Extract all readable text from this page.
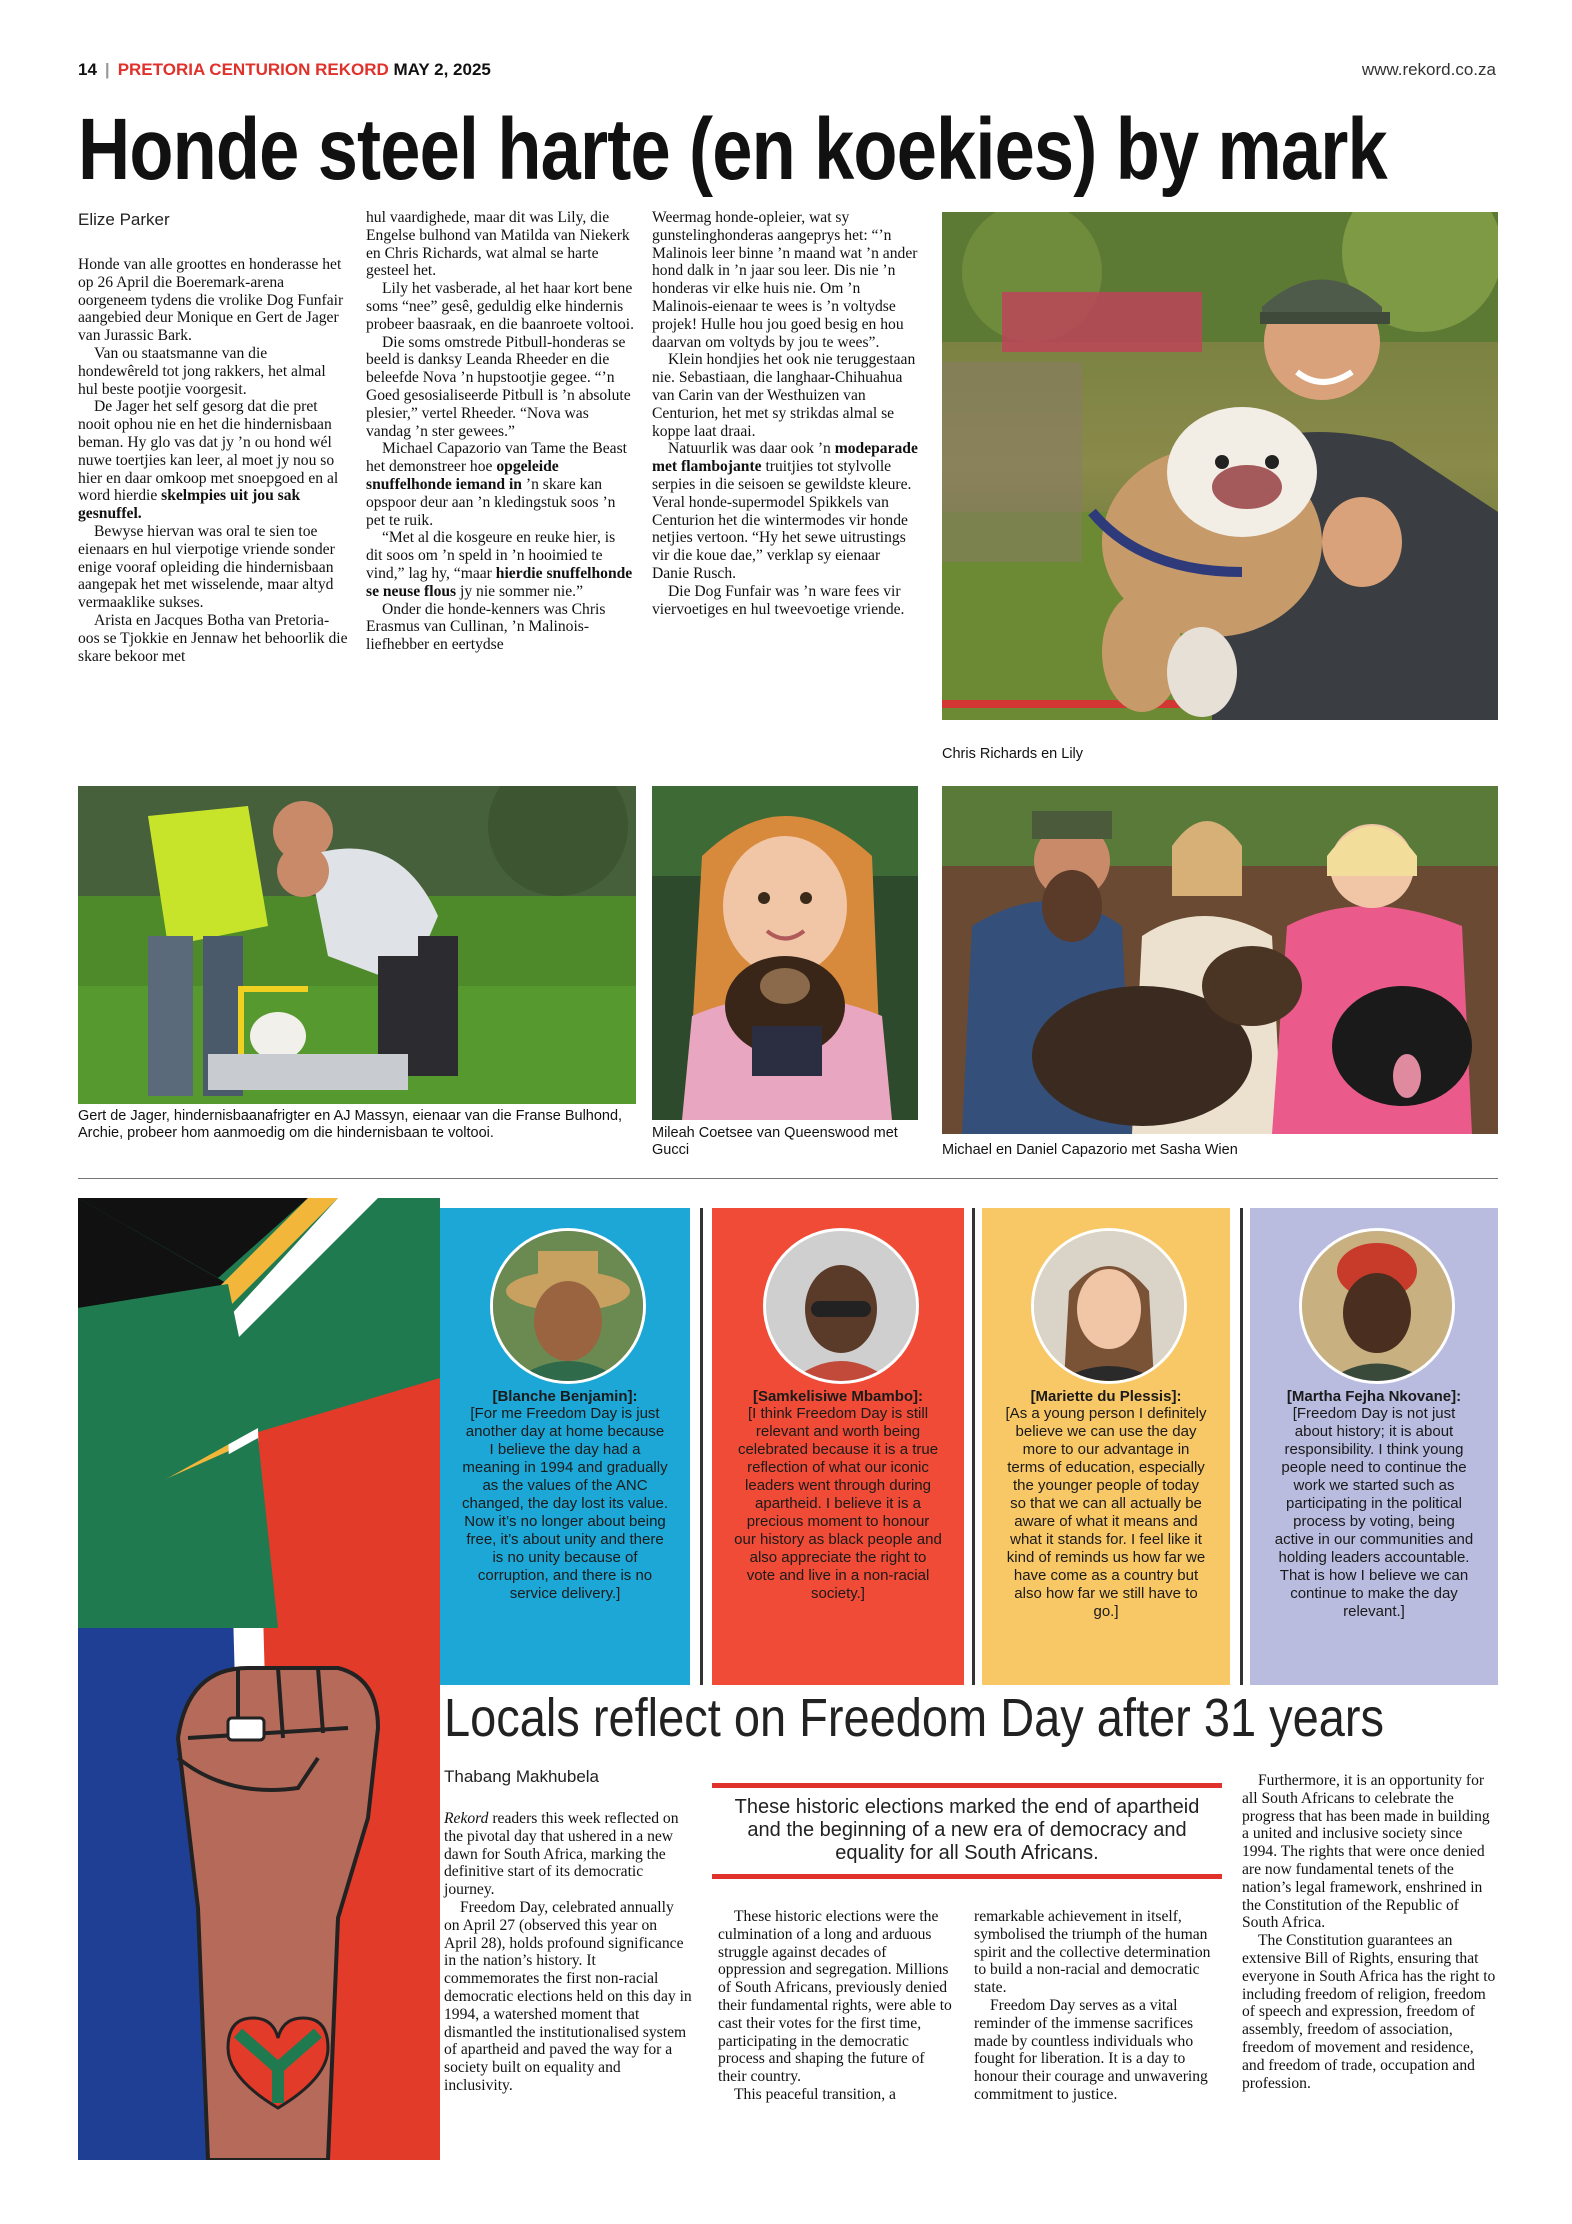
14 | PRETORIA CENTURION REKORD MAY 2, 2025	www.rekord.co.za
Honde steel harte (en koekies) by mark
Elize Parker

Honde van alle groottes en honderasse het op 26 April die Boeremark-arena oorgeneem tydens die vrolike Dog Funfair aangebied deur Monique en Gert de Jager van Jurassic Bark.

Van ou staatsmanne van die hondewêreld tot jong rakkers, het almal hul beste pootjie voorgesit.

De Jager het self gesorg dat die pret nooit ophou nie en het die hindernisbaan beman. Hy glo vas dat jy ’n ou hond wél nuwe toertjies kan leer, al moet jy nou so hier en daar omkoop met snoepgoed en al word hierdie skelmpies uit jou sak gesnuffel.

Bewyse hiervan was oral te sien toe eienaars en hul vierpotige vriende sonder enige vooraf opleiding die hindernisbaan aangepak het met wisselende, maar altyd vermaaklike sukses.

Arista en Jacques Botha van Pretoria-oos se Tjokkie en Jennaw het behoorlik die skare bekoor met

hul vaardighede, maar dit was Lily, die Engelse bulhond van Matilda van Niekerk en Chris Richards, wat almal se harte gesteel het.

Lily het vasberade, al het haar kort bene soms “nee” gesê, geduldig elke hindernis probeer baasraak, en die baanroete voltooi.

Die soms omstrede Pitbull-honderas se beeld is danksy Leanda Rheeder en die beleefde Nova ’n hupstootjie gegee. “’n Goed gesosialiseerde Pitbull is ’n absolute plesier,” vertel Rheeder. “Nova was vandag ’n ster gewees.”

Michael Capazorio van Tame the Beast het demonstreer hoe opgeleide snuffelhonde iemand in ’n skare kan opspoor deur aan ’n kledingstuk soos ’n pet te ruik.

“Met al die kosgeure en reuke hier, is dit soos om ’n speld in ’n hooimied te vind,” lag hy, “maar hierdie snuffelhonde se neuse flous jy nie sommer nie.”

Onder die honde-kenners was Chris Erasmus van Cullinan, ’n Malinois-liefhebber en eertydse

Weermag honde-opleier, wat sy gunstelinghonderas aangeprys het: “’n Malinois leer binne ’n maand wat ’n ander hond dalk in ’n jaar sou leer. Dis nie ’n honderas vir elke huis nie. Om ’n Malinois-eienaar te wees is ’n voltydse projek! Hulle hou jou goed besig en hou daarvan om voltyds by jou te wees”.

Klein hondjies het ook nie teruggestaan nie. Sebastiaan, die langhaar-Chihuahua van Carin van der Westhuizen van Centurion, het met sy strikdas almal se koppe laat draai.

Natuurlik was daar ook ’n modeparade met flambojante truitjies tot stylvolle serpies in die seisoen se gewildste kleure. Veral honde-supermodel Spikkels van Centurion het die wintermodes vir honde netjies vertoon. “Hy het sewe uitrustings vir die koue dae,” verklap sy eienaar Danie Rusch.

Die Dog Funfair was ’n ware fees vir viervoetiges en hul tweevoetige vriende.

Chris Richards en Lily
Gert de Jager, hindernisbaanafrigter en AJ Massyn, eienaar van die Franse Bulhond, Archie, probeer hom aanmoedig om die hindernisbaan te voltooi.	Mileah Coetsee van Queenswood met Gucci	Michael en Daniel Capazorio met Sasha Wien
[Blanche Benjamin]:
[For me Freedom Day is just another day at home because I believe the day had a meaning in 1994 and gradually as the values of the ANC changed, the day lost its value. Now it’s no longer about being free, it’s about unity and there is no unity because of corruption, and there is no service delivery.]
[Samkelisiwe Mbambo]:
[I think Freedom Day is still relevant and worth being celebrated because it is a true reflection of what our iconic leaders went through during apartheid. I believe it is a precious moment to honour our history as black people and also appreciate the right to vote and live in a non-racial society.]
[Mariette du Plessis]:
[As a young person I definitely believe we can use the day more to our advantage in terms of education, especially the younger people of today so that we can all actually be aware of what it means and what it stands for. I feel like it kind of reminds us how far we have come as a country but also how far we still have to go.]
[Martha Fejha Nkovane]:
[Freedom Day is not just about history; it is about responsibility. I think young people need to continue the work we started such as participating in the political process by voting, being active in our communities and holding leaders accountable. That is how I believe we can continue to make the day relevant.]
Locals reflect on Freedom Day after 31 years
Thabang Makhubela

Rekord readers this week reflected on the pivotal day that ushered in a new dawn for South Africa, marking the definitive start of its democratic journey.

Freedom Day, celebrated annually on April 27 (observed this year on April 28), holds profound significance in the nation’s history. It commemorates the first non-racial democratic elections held on this day in 1994, a watershed moment that dismantled the institutionalised system of apartheid and paved the way for a society built on equality and inclusivity.

These historic elections marked the end of apartheid and the beginning of a new era of democracy and equality for all South Africans.

These historic elections were the culmination of a long and arduous struggle against decades of oppression and segregation. Millions of South Africans, previously denied their fundamental rights, were able to cast their votes for the first time, participating in the democratic process and shaping the future of their country.

This peaceful transition, a

remarkable achievement in itself, symbolised the triumph of the human spirit and the collective determination to build a non-racial and democratic state.

Freedom Day serves as a vital reminder of the immense sacrifices made by countless individuals who fought for liberation. It is a day to honour their courage and unwavering commitment to justice.

Furthermore, it is an opportunity for all South Africans to celebrate the progress that has been made in building a united and inclusive society since 1994. The rights that were once denied are now fundamental tenets of the nation’s legal framework, enshrined in the Constitution of the Republic of South Africa.

The Constitution guarantees an extensive Bill of Rights, ensuring that everyone in South Africa has the right to including freedom of religion, freedom of speech and expression, freedom of assembly, freedom of association, freedom of movement and residence, and freedom of trade, occupation and profession.
